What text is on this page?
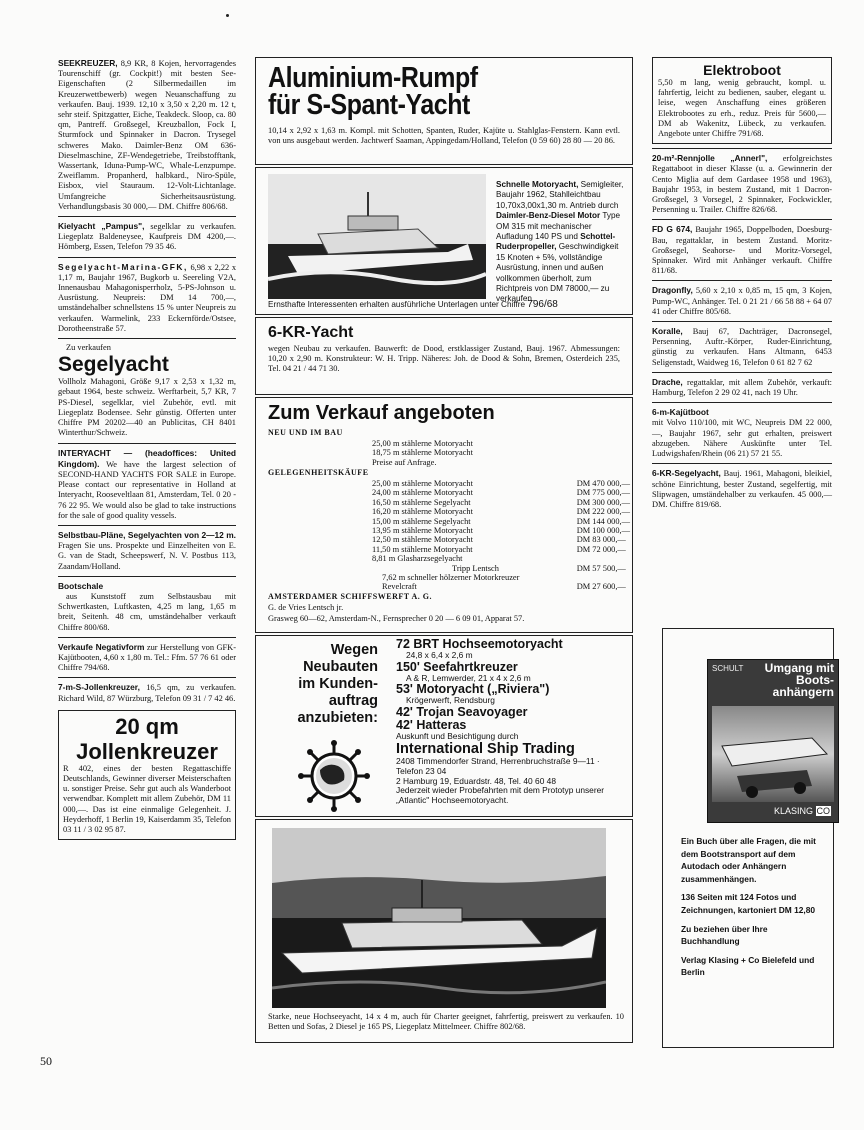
SEEKREUZER, 8,9 KR, 8 Kojen, hervorragendes Tourenschiff (gr. Cockpit!) mit besten See-Eigenschaften (2 Silbermedaillen im Kreuzerwettbewerb) wegen Neuanschaffung zu verkaufen. Bauj. 1939. 12,10 x 3,50 x 2,20 m. 12 t, sehr steif. Spitzgatter, Eiche, Teakdeck. Sloop, ca. 80 qm, Pantreff. Großsegel, Kreuzballon, Fock I, Sturmfock und Spinnaker in Dacron. Trysegel schweres Mako. Daimler-Benz OM 636-Dieselmaschine, ZF-Wendegetriebe, Treibstofftank, Wassertank, Iduna-Pump-WC, Whale-Lenzpumpe. Zweiflamm. Propanherd, halbkard., Niro-Spüle, Eisbox, viel Stauraum. 12-Volt-Lichtanlage. Umfangreiche Sicherheitsausrüstung. Verhandlungsbasis 30 000,— DM. Chiffre 806/68.

Kielyacht „Pampus", segelklar zu verkaufen. Liegeplatz Baldeneysee, Kaufpreis DM 4200,—. Hömberg, Essen, Telefon 79 35 46.

Segelyacht-Marina-GFK, 6,98 x 2,22 x 1,17 m, Baujahr 1967, Bugkorb u. Seereling V2A, Innenausbau Mahagonisperrholz, 5-PS-Johnson u. Ausrüstung. Neupreis: DM 14 700,—, umständehalber schnellstens 15 % unter Neupreis zu verkaufen. Warmelink, 233 Eckernförde/Ostsee, Dorotheenstraße 57.

Zu verkaufen
Segelyacht

Vollholz Mahagoni, Größe 9,17 x 2,53 x 1,32 m, gebaut 1964, beste schweiz. Werftarbeit, 5,7 KR, 7 PS-Diesel, segelklar, viel Zubehör, evtl. mit Liegeplatz Bodensee. Sehr günstig. Offerten unter Chiffre PM 20202—40 an Publicitas, CH 8401 Winterthur/Schweiz.

INTERYACHT — (headoffices: United Kingdom). We have the largest selection of SECOND-HAND YACHTS FOR SALE in Europe. Please contact our representative in Holland at Interyacht, Rooseveltlaan 81, Amsterdam, Tel. 0 20 - 76 22 95. We would also be glad to take instructions for the sale of good quality vessels.

Selbstbau-Pläne, Segelyachten von 2—12 m. Fragen Sie uns. Prospekte und Einzelheiten von E. G. van de Stadt, Scheepswerf, N. V. Postbus 113, Zaandam/Holland.

Bootschale
aus Kunststoff zum Selbstausbau mit Schwertkasten, Luftkasten, 4,25 m lang, 1,65 m breit, Seitenh. 48 cm, umständehalber verkauft Chiffre 800/68.

Verkaufe Negativform zur Herstellung von GFK-Kajütbooten, 4,60 x 1,80 m. Tel.: Ffm. 57 76 61 oder Chiffre 794/68.

7-m-S-Jollenkreuzer, 16,5 qm, zu verkaufen. Richard Wild, 87 Würzburg, Telefon 09 31 / 7 42 46.

20 qm
Jollenkreuzer

R 402, eines der besten Regattaschiffe Deutschlands, Gewinner diverser Meisterschaften u. sonstiger Preise. Sehr gut auch als Wanderboot verwendbar. Komplett mit allem Zubehör, DM 11 000,—. Das ist eine einmalige Gelegenheit. J. Heyderhoff, 1 Berlin 19, Kaiserdamm 35, Telefon 03 11 / 3 02 95 87.

Aluminium-Rumpf
für S-Spant-Yacht

10,14 x 2,92 x 1,63 m. Kompl. mit Schotten, Spanten, Ruder, Kajüte u. Stahlglas-Fenstern. Kann evtl. von uns ausgebaut werden. Jachtwerf Saaman, Appingedam/Holland, Telefon (0 59 60) 28 80 — 20 86.

Schnelle Motoryacht, Semigleiter, Baujahr 1962, Stahlleichtbau 10,70x3,00x1,30 m. Antrieb durch Daimler-Benz-Diesel Motor Type OM 315 mit mechanischer Aufladung 140 PS und Schottel-Ruderpropeller, Geschwindigkeit 15 Knoten + 5%, vollständige Ausrüstung, innen und außen vollkommen überholt, zum Richtpreis von DM 78000,— zu verkaufen.

Ernsthafte Interessenten erhalten ausführliche Unterlagen unter Chiffre 796/68
6-KR-Yacht

wegen Neubau zu verkaufen. Bauwerft: de Dood, erstklassiger Zustand, Bauj. 1967. Abmessungen: 10,20 x 2,90 m. Konstrukteur: W. H. Tripp. Näheres: Joh. de Dood & Sohn, Bremen, Osterdeich 235, Tel. 04 21 / 44 71 30.

Zum Verkauf angeboten
NEU UND IM BAU
25,00 m stählerne Motoryacht
18,75 m stählerne Motoryacht
Preise auf Anfrage.
GELEGENHEITSKÄUFE
25,00 m stählerne Motoryacht	DM 470 000,—
24,00 m stählerne Motoryacht	DM 775 000,—
16,50 m stählerne Segelyacht	DM 300 000,—
16,20 m stählerne Motoryacht	DM 222 000,—
15,00 m stählerne Segelyacht	DM 144 000,—
13,95 m stählerne Motoryacht	DM 100 000,—
12,50 m stählerne Motoryacht	DM 83 000,—
11,50 m stählerne Motoryacht	DM 72 000,—
8,81 m Glasharzsegelyacht	
Tripp Lentsch	DM 57 500,—
7,62 m schneller hölzerner Motorkreuzer Revelcraft	DM 27 600,—
AMSTERDAMER SCHIFFSWERFT A. G.
G. de Vries Lentsch jr.
Grasweg 60—62, Amsterdam-N., Fernsprecher 0 20 — 6 09 01, Apparat 57.
Wegen Neubauten im Kunden-auftrag anzubieten:
72 BRT Hochseemotoryacht
24,8 x 6,4 x 2,6 m
150' Seefahrtkreuzer
A & R, Lemwerder, 21 x 4 x 2,6 m
53' Motoryacht („Riviera")
Krögerwerft, Rendsburg
42' Trojan Seavoyager
42' Hatteras
Auskunft und Besichtigung durch
International Ship Trading
2408 Timmendorfer Strand, Herrenbruchstraße 9—11 · Telefon 23 04
2 Hamburg 19, Eduardstr. 48, Tel. 40 60 48
Jederzeit wieder Probefahrten mit dem Prototyp unserer „Atlantic" Hochseemotoryacht.

Starke, neue Hochseeyacht, 14 x 4 m, auch für Charter geeignet, fahrfertig, preiswert zu verkaufen. 10 Betten und Sofas, 2 Diesel je 165 PS, Liegeplatz Mittelmeer. Chiffre 802/68.

Elektroboot

5,50 m lang, wenig gebraucht, kompl. u. fahrfertig, leicht zu bedienen, sauber, elegant u. leise, wegen Anschaffung eines größeren Elektrobootes zu erh., reduz. Preis für 5600,— DM ab Wakenitz, Lübeck, zu verkaufen. Angebote unter Chiffre 791/68.

20-m²-Rennjolle „Annerl", erfolgreichstes Regattaboot in dieser Klasse (u. a. Gewinnerin der Cento Miglia auf dem Gardasee 1958 und 1963), Baujahr 1953, in bestem Zustand, mit 1 Dacron-Großsegel, 3 Vorsegel, 2 Spinnaker, Fockwickler, Persenning u. Trailer. Chiffre 826/68.

FD G 674, Baujahr 1965, Doppelboden, Doesburg-Bau, regattaklar, in bestem Zustand. Moritz-Großsegel, Seahorse- und Moritz-Vorsegel, Spinnaker. Wird mit Anhänger verkauft. Chiffre 811/68.

Dragonfly, 5,60 x 2,10 x 0,85 m, 15 qm, 3 Kojen, Pump-WC, Anhänger. Tel. 0 21 21 / 66 58 88 + 64 07 41 oder Chiffre 805/68.

Koralle, Bauj 67, Dachträger, Dacronsegel, Persenning, Auftr.-Körper, Ruder-Einrichtung, günstig zu verkaufen. Hans Altmann, 6453 Seligenstadt, Waidweg 16, Telefon 0 61 82 7 62

Drache, regattaklar, mit allem Zubehör, verkauft: Hamburg, Telefon 2 29 02 41, nach 19 Uhr.

6-m-Kajütboot
mit Volvo 110/100, mit WC, Neupreis DM 22 000,—, Baujahr 1967, sehr gut erhalten, preiswert abzugeben. Nähere Auskünfte unter Tel. Ludwigshafen/Rhein (06 21) 57 21 55.

6-KR-Segelyacht, Bauj. 1961, Mahagoni, bleikiel, schöne Einrichtung, bester Zustand, segelfertig, mit Slipwagen, umständehalber zu verkaufen. 45 000,— DM. Chiffre 819/68.

SCHULT	Umgang mit Boots-anhängern
KLASING CO

Ein Buch über alle Fragen, die mit dem Bootstransport auf dem Autodach oder Anhängern zusammenhängen.

136 Seiten mit 124 Fotos und Zeichnungen, kartoniert DM 12,80

Zu beziehen über Ihre Buchhandlung

Verlag Klasing + Co Bielefeld und Berlin

50
